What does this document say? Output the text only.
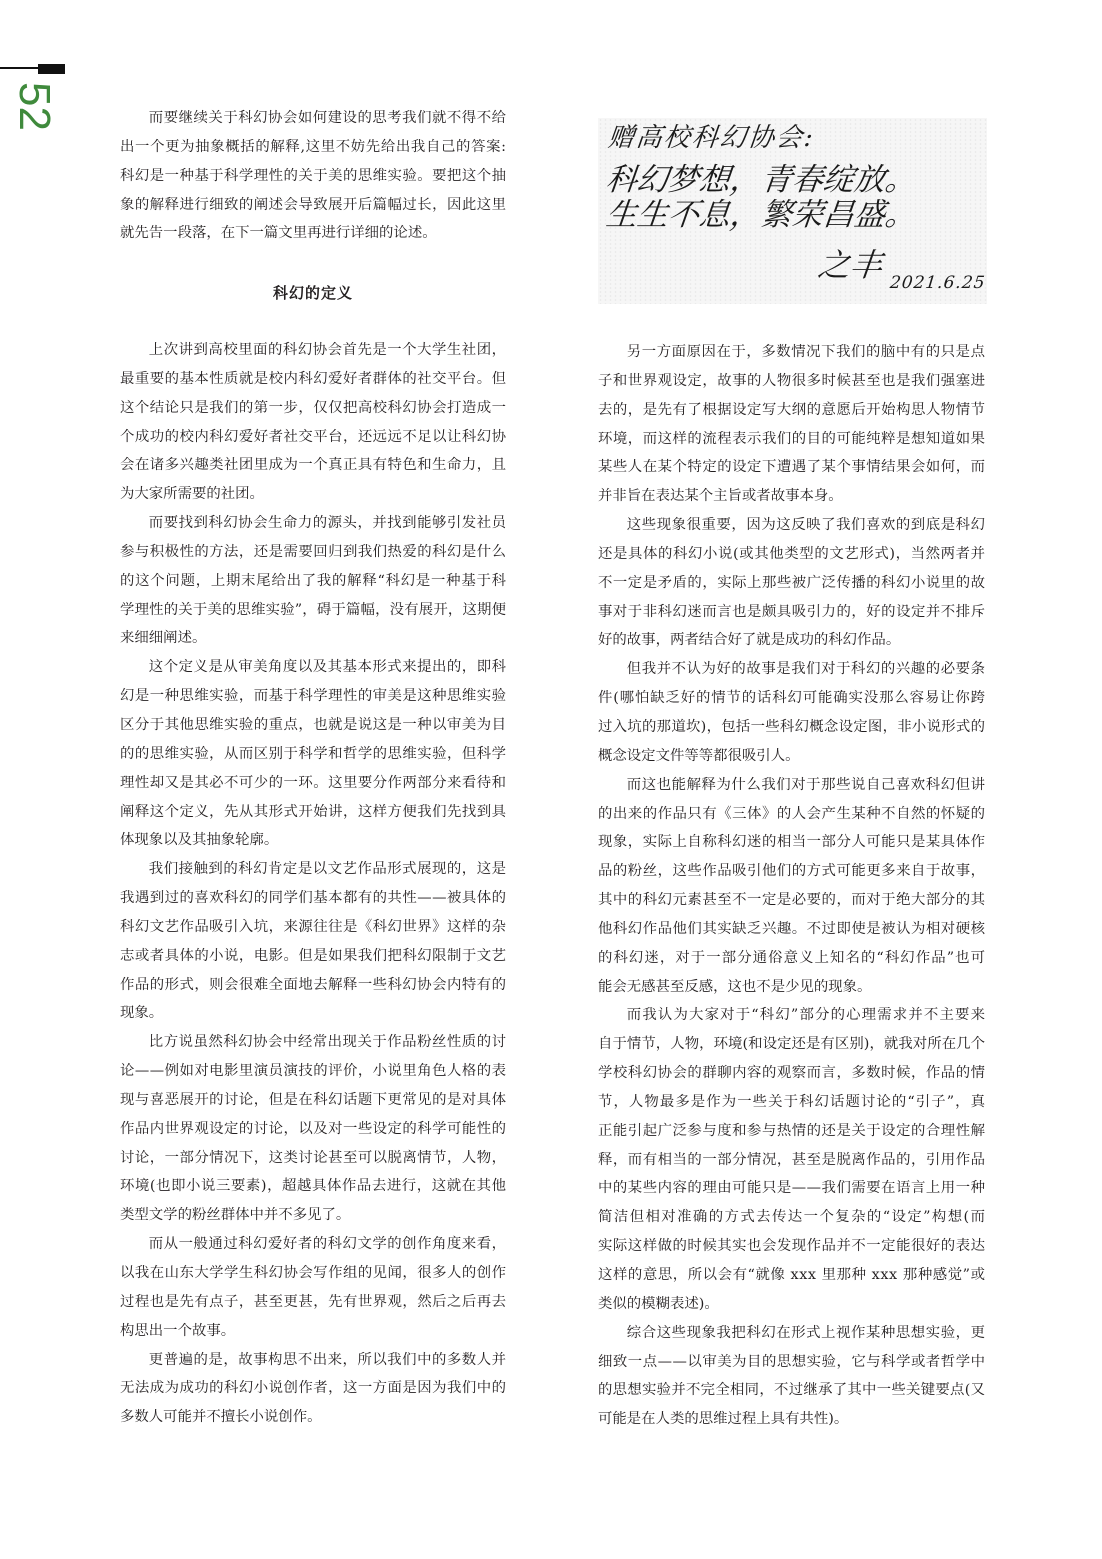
52	而要继续关于科幻协会如何建设的思考我们就不得不给
出一个更为抽象概括的解释,这里不妨先给出我自己的答案:
科幻是一种基于科学理性的关于美的思维实验。要把这个抽
象的解释进行细致的阐述会导致展开后篇幅过长，因此这里
就先告一段落，在下一篇文里再进行详细的论述。
科幻的定义
上次讲到高校里面的科幻协会首先是一个大学生社团，
最重要的基本性质就是校内科幻爱好者群体的社交平台。但
这个结论只是我们的第一步，仅仅把高校科幻协会打造成一
个成功的校内科幻爱好者社交平台，还远远不足以让科幻协
会在诸多兴趣类社团里成为一个真正具有特色和生命力，且
为大家所需要的社团。
而要找到科幻协会生命力的源头，并找到能够引发社员
参与积极性的方法，还是需要回归到我们热爱的科幻是什么
的这个问题，上期末尾给出了我的解释“科幻是一种基于科
学理性的关于美的思维实验”，碍于篇幅，没有展开，这期便
来细细阐述。
这个定义是从审美角度以及其基本形式来提出的，即科
幻是一种思维实验，而基于科学理性的审美是这种思维实验
区分于其他思维实验的重点，也就是说这是一种以审美为目
的的思维实验，从而区别于科学和哲学的思维实验，但科学
理性却又是其必不可少的一环。这里要分作两部分来看待和
阐释这个定义，先从其形式开始讲，这样方便我们先找到具
体现象以及其抽象轮廓。
我们接触到的科幻肯定是以文艺作品形式展现的，这是
我遇到过的喜欢科幻的同学们基本都有的共性——被具体的
科幻文艺作品吸引入坑，来源往往是《科幻世界》这样的杂
志或者具体的小说，电影。但是如果我们把科幻限制于文艺
作品的形式，则会很难全面地去解释一些科幻协会内特有的
现象。
比方说虽然科幻协会中经常出现关于作品粉丝性质的讨
论——例如对电影里演员演技的评价，小说里角色人格的表
现与喜恶展开的讨论，但是在科幻话题下更常见的是对具体
作品内世界观设定的讨论，以及对一些设定的科学可能性的
讨论，一部分情况下，这类讨论甚至可以脱离情节，人物，
环境(也即小说三要素)，超越具体作品去进行，这就在其他
类型文学的粉丝群体中并不多见了。
而从一般通过科幻爱好者的科幻文学的创作角度来看，
以我在山东大学学生科幻协会写作组的见闻，很多人的创作
过程也是先有点子，甚至更甚，先有世界观，然后之后再去
构思出一个故事。
更普遍的是，故事构思不出来，所以我们中的多数人并
无法成为成功的科幻小说创作者，这一方面是因为我们中的
多数人可能并不擅长小说创作。
赠高校科幻协会:
科幻梦想，青春绽放。
生生不息，繁荣昌盛。
之丰 2021.6.25
另一方面原因在于，多数情况下我们的脑中有的只是点
子和世界观设定，故事的人物很多时候甚至也是我们强塞进
去的，是先有了根据设定写大纲的意愿后开始构思人物情节
环境，而这样的流程表示我们的目的可能纯粹是想知道如果
某些人在某个特定的设定下遭遇了某个事情结果会如何，而
并非旨在表达某个主旨或者故事本身。
这些现象很重要，因为这反映了我们喜欢的到底是科幻
还是具体的科幻小说(或其他类型的文艺形式)，当然两者并
不一定是矛盾的，实际上那些被广泛传播的科幻小说里的故
事对于非科幻迷而言也是颇具吸引力的，好的设定并不排斥
好的故事，两者结合好了就是成功的科幻作品。
但我并不认为好的故事是我们对于科幻的兴趣的必要条
件(哪怕缺乏好的情节的话科幻可能确实没那么容易让你跨
过入坑的那道坎)，包括一些科幻概念设定图，非小说形式的
概念设定文件等等都很吸引人。
而这也能解释为什么我们对于那些说自己喜欢科幻但讲
的出来的作品只有《三体》的人会产生某种不自然的怀疑的
现象，实际上自称科幻迷的相当一部分人可能只是某具体作
品的粉丝，这些作品吸引他们的方式可能更多来自于故事，
其中的科幻元素甚至不一定是必要的，而对于绝大部分的其
他科幻作品他们其实缺乏兴趣。不过即使是被认为相对硬核
的科幻迷，对于一部分通俗意义上知名的“科幻作品”也可
能会无感甚至反感，这也不是少见的现象。
而我认为大家对于“科幻”部分的心理需求并不主要来
自于情节，人物，环境(和设定还是有区别)，就我对所在几个
学校科幻协会的群聊内容的观察而言，多数时候，作品的情
节，人物最多是作为一些关于科幻话题讨论的“引子”，真
正能引起广泛参与度和参与热情的还是关于设定的合理性解
释，而有相当的一部分情况，甚至是脱离作品的，引用作品
中的某些内容的理由可能只是——我们需要在语言上用一种
简洁但相对准确的方式去传达一个复杂的“设定”构想(而
实际这样做的时候其实也会发现作品并不一定能很好的表达
这样的意思，所以会有“就像 xxx 里那种 xxx 那种感觉”或
类似的模糊表述)。
综合这些现象我把科幻在形式上视作某种思想实验，更
细致一点——以审美为目的思想实验，它与科学或者哲学中
的思想实验并不完全相同，不过继承了其中一些关键要点(又
可能是在人类的思维过程上具有共性)。
